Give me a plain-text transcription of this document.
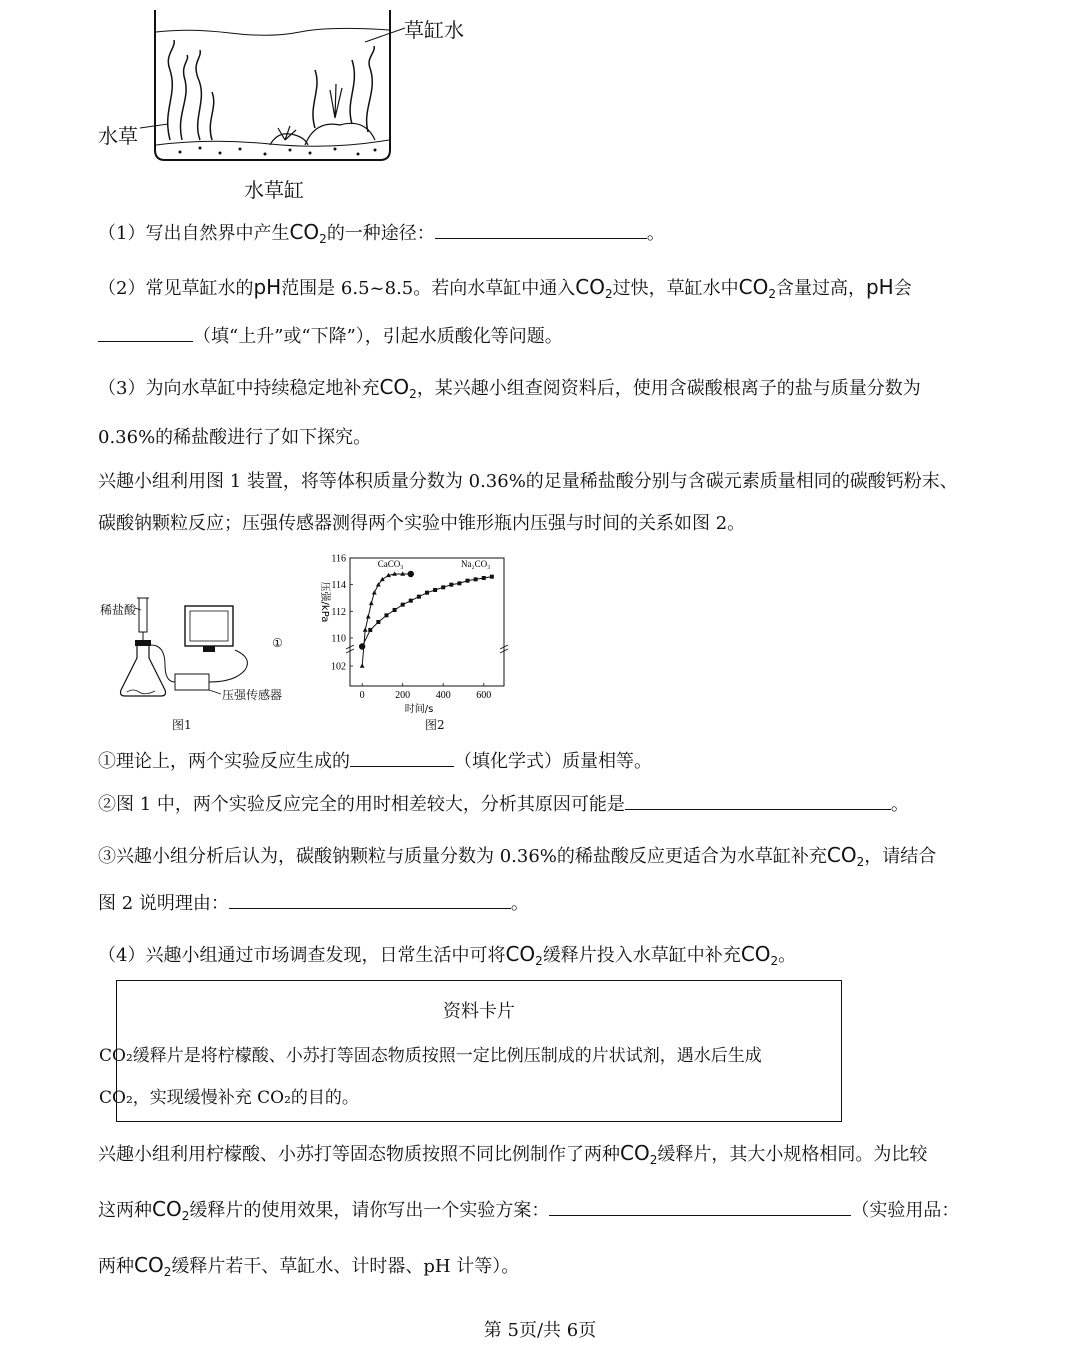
草缸水
水草
水草缸
（1）写出自然界中产生$CO_2$的一种途径：	。
（2）常见草缸水的pH范围是 6.5~8.5。若向水草缸中通入$CO_2$过快，草缸水中$CO_2$含量过高，pH会
（填“上升”或“下降”），引起水质酸化等问题。
（3）为向水草缸中持续稳定地补充$CO_2$，某兴趣小组查阅资料后，使用含碳酸根离子的盐与质量分数为
0.36%的稀盐酸进行了如下探究。
兴趣小组利用图 1 装置，将等体积质量分数为 0.36%的足量稀盐酸分别与含碳元素质量相同的碳酸钙粉末、
碳酸钠颗粒反应；压强传感器测得两个实验中锥形瓶内压强与时间的关系如图 2。
稀盐酸
压强传感器
①
图1
102
110
112
114
116
0	200	400	600
时间/s
压强/kPa
CaCO₃	Na₂CO₃
图2
①理论上，两个实验反应生成的	（填化学式）质量相等。
②图 1 中，两个实验反应完全的用时相差较大，分析其原因可能是	。
③兴趣小组分析后认为，碳酸钠颗粒与质量分数为 0.36%的稀盐酸反应更适合为水草缸补充$CO_2$，请结合
图 2 说明理由：	。
（4）兴趣小组通过市场调查发现，日常生活中可将$CO_2$缓释片投入水草缸中补充$CO_2$。
资料卡片
CO₂缓释片是将柠檬酸、小苏打等固态物质按照一定比例压制成的片状试剂，遇水后生成
CO₂，实现缓慢补充 CO₂的目的。
兴趣小组利用柠檬酸、小苏打等固态物质按照不同比例制作了两种$CO_2$缓释片，其大小规格相同。为比较
这两种$CO_2$缓释片的使用效果，请你写出一个实验方案：	（实验用品：
两种$CO_2$缓释片若干、草缸水、计时器、pH 计等）。
第 5页/共 6页
